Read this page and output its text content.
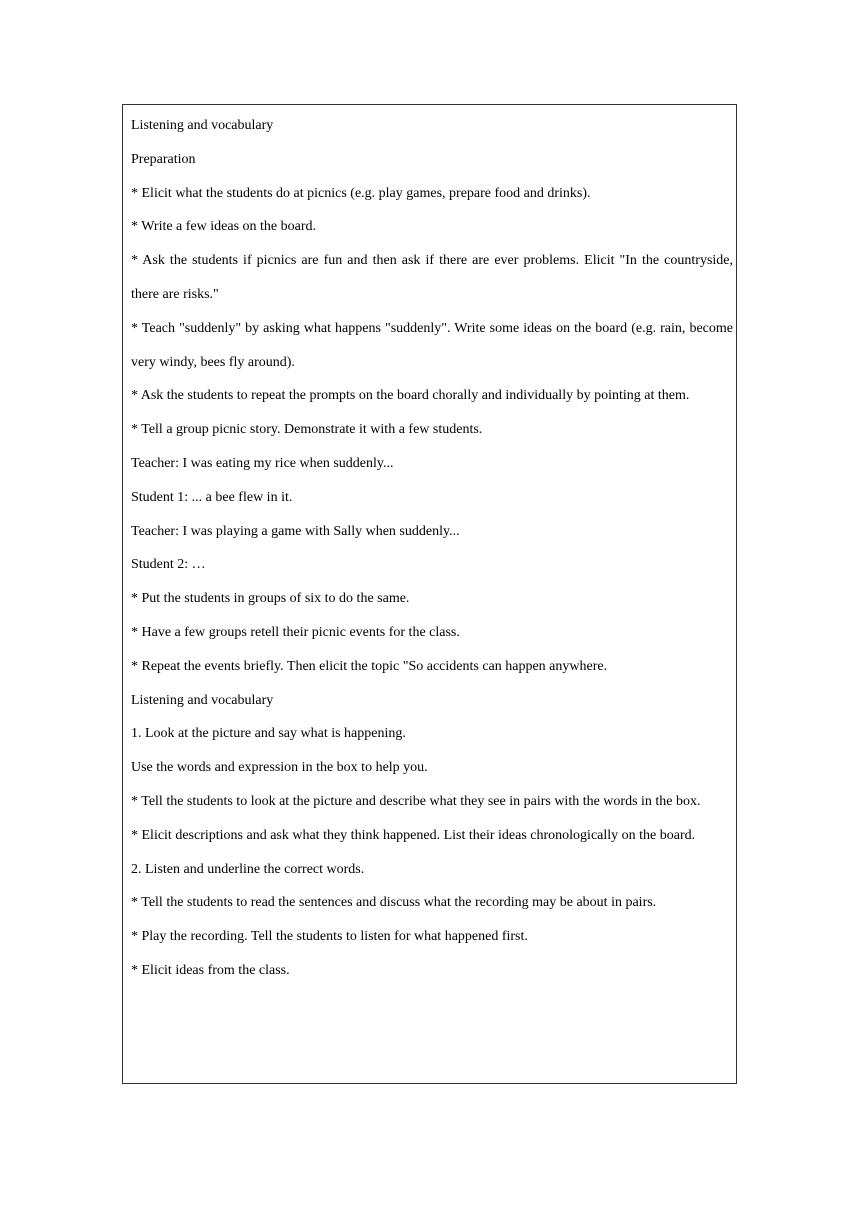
Listening and vocabulary

Preparation

* Elicit what the students do at picnics (e.g. play games, prepare food and drinks).

* Write a few ideas on the board.

* Ask the students if picnics are fun and then ask if there are ever problems. Elicit "In the countryside, there are risks."

* Teach "suddenly" by asking what happens "suddenly". Write some ideas on the board (e.g. rain, become very windy, bees fly around).

* Ask the students to repeat the prompts on the board chorally and individually by pointing at them.

* Tell a group picnic story. Demonstrate it with a few students.

Teacher: I was eating my rice when suddenly...

Student 1: ... a bee flew in it.

Teacher: I was playing a game with Sally when suddenly...

Student 2: …

* Put the students in groups of six to do the same.

* Have a few groups retell their picnic events for the class.

* Repeat the events briefly. Then elicit the topic "So accidents can happen anywhere.

Listening and vocabulary

1. Look at the picture and say what is happening.

Use the words and expression in the box to help you.

* Tell the students to look at the picture and describe what they see in pairs with the words in the box.

* Elicit descriptions and ask what they think happened. List their ideas chronologically on the board.

2. Listen and underline the correct words.

* Tell the students to read the sentences and discuss what the recording may be about in pairs.

* Play the recording. Tell the students to listen for what happened first.

* Elicit ideas from the class.
